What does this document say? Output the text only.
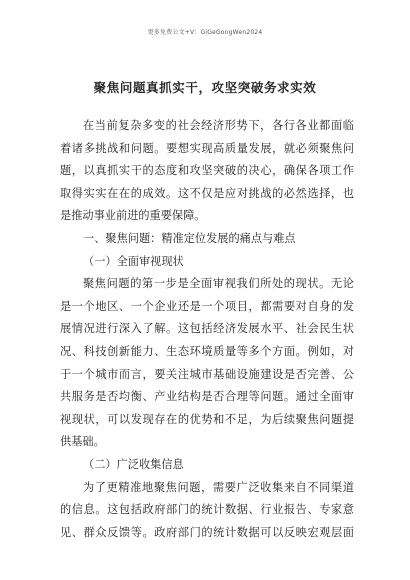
更多免费公文+V：GiGeGongWen2024
聚焦问题真抓实干，攻坚突破务求实效
在当前复杂多变的社会经济形势下，各行各业都面临
着诸多挑战和问题。要想实现高质量发展，就必须聚焦问
题，以真抓实干的态度和攻坚突破的决心，确保各项工作
取得实实在在的成效。这不仅是应对挑战的必然选择，也
是推动事业前进的重要保障。
一、聚焦问题：精准定位发展的痛点与难点
（一）全面审视现状
聚焦问题的第一步是全面审视我们所处的现状。无论
是一个地区、一个企业还是一个项目，都需要对自身的发
展情况进行深入了解。这包括经济发展水平、社会民生状
况、科技创新能力、生态环境质量等多个方面。例如，对
于一个城市而言，要关注城市基础设施建设是否完善、公
共服务是否均衡、产业结构是否合理等问题。通过全面审
视现状，可以发现存在的优势和不足，为后续聚焦问题提
供基础。
（二）广泛收集信息
为了更精准地聚焦问题，需要广泛收集来自不同渠道
的信息。这包括政府部门的统计数据、行业报告、专家意
见、群众反馈等。政府部门的统计数据可以反映宏观层面
